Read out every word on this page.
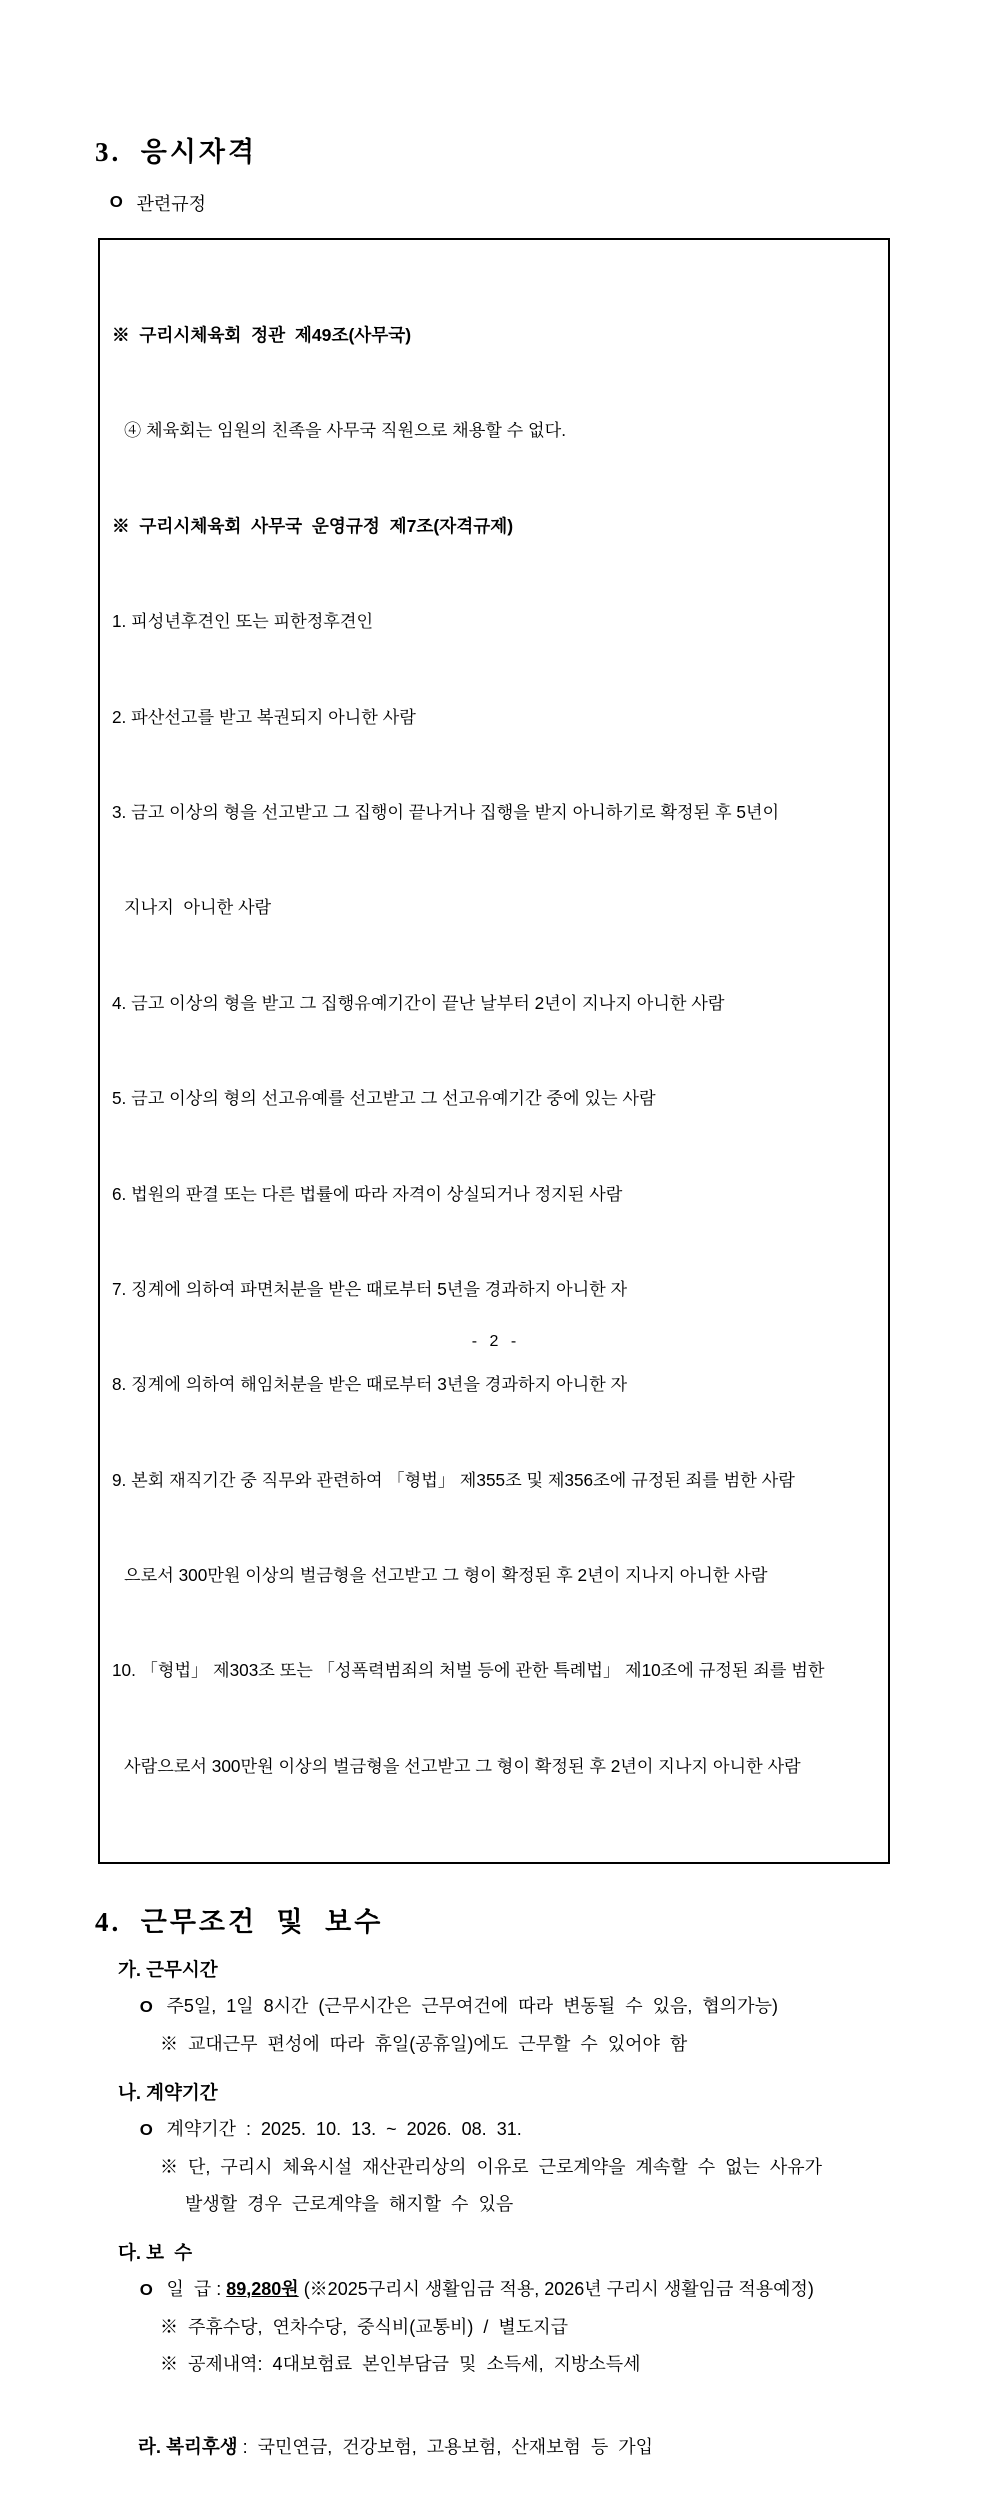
3.  응시자격
O 관련규정

※  구리시체육회  정관  제49조(사무국)

④ 체육회는 임원의 친족을 사무국 직원으로 채용할 수 없다.

※  구리시체육회  사무국  운영규정  제7조(자격규제)

1. 피성년후견인 또는 피한정후견인

2. 파산선고를 받고 복권되지 아니한 사람

3. 금고 이상의 형을 선고받고 그 집행이 끝나거나 집행을 받지 아니하기로 확정된 후 5년이

지나지  아니한 사람

4. 금고 이상의 형을 받고 그 집행유예기간이 끝난 날부터 2년이 지나지 아니한 사람

5. 금고 이상의 형의 선고유예를 선고받고 그 선고유예기간 중에 있는 사람

6. 법원의 판결 또는 다른 법률에 따라 자격이 상실되거나 정지된 사람

7. 징계에 의하여 파면처분을 받은 때로부터 5년을 경과하지 아니한 자

8. 징계에 의하여 해임처분을 받은 때로부터 3년을 경과하지 아니한 자

9. 본회 재직기간 중 직무와 관련하여 「형법」 제355조 및 제356조에 규정된 죄를 범한 사람

으로서 300만원 이상의 벌금형을 선고받고 그 형이 확정된 후 2년이 지나지 아니한 사람

10. 「형법」 제303조 또는 「성폭력범죄의 처벌 등에 관한 특례법」 제10조에 규정된 죄를 범한

사람으로서 300만원 이상의 벌금형을 선고받고 그 형이 확정된 후 2년이 지나지 아니한 사람

4.  근무조건  및  보수
가. 근무시간
O 주5일,  1일  8시간  (근무시간은  근무여건에  따라  변동될  수  있음,  협의가능)
※  교대근무  편성에  따라  휴일(공휴일)에도  근무할  수  있어야  함
나. 계약기간
O 계약기간  :  2025.  10.  13.  ~  2026.  08.  31.
※  단,  구리시  체육시설  재산관리상의  이유로  근로계약을  계속할  수  없는  사유가
발생할  경우  근로계약을  해지할  수  있음
다. 보  수
O 일  급 : 89,280원 (※2025구리시 생활임금 적용, 2026년 구리시 생활임금 적용예정)
※  주휴수당,  연차수당,  중식비(교통비)  /  별도지급
※  공제내역:  4대보험료  본인부담금  및  소득세,  지방소득세

라. 복리후생 :  국민연금,  건강보험,  고용보험,  산재보험  등  가입

- 2 -
